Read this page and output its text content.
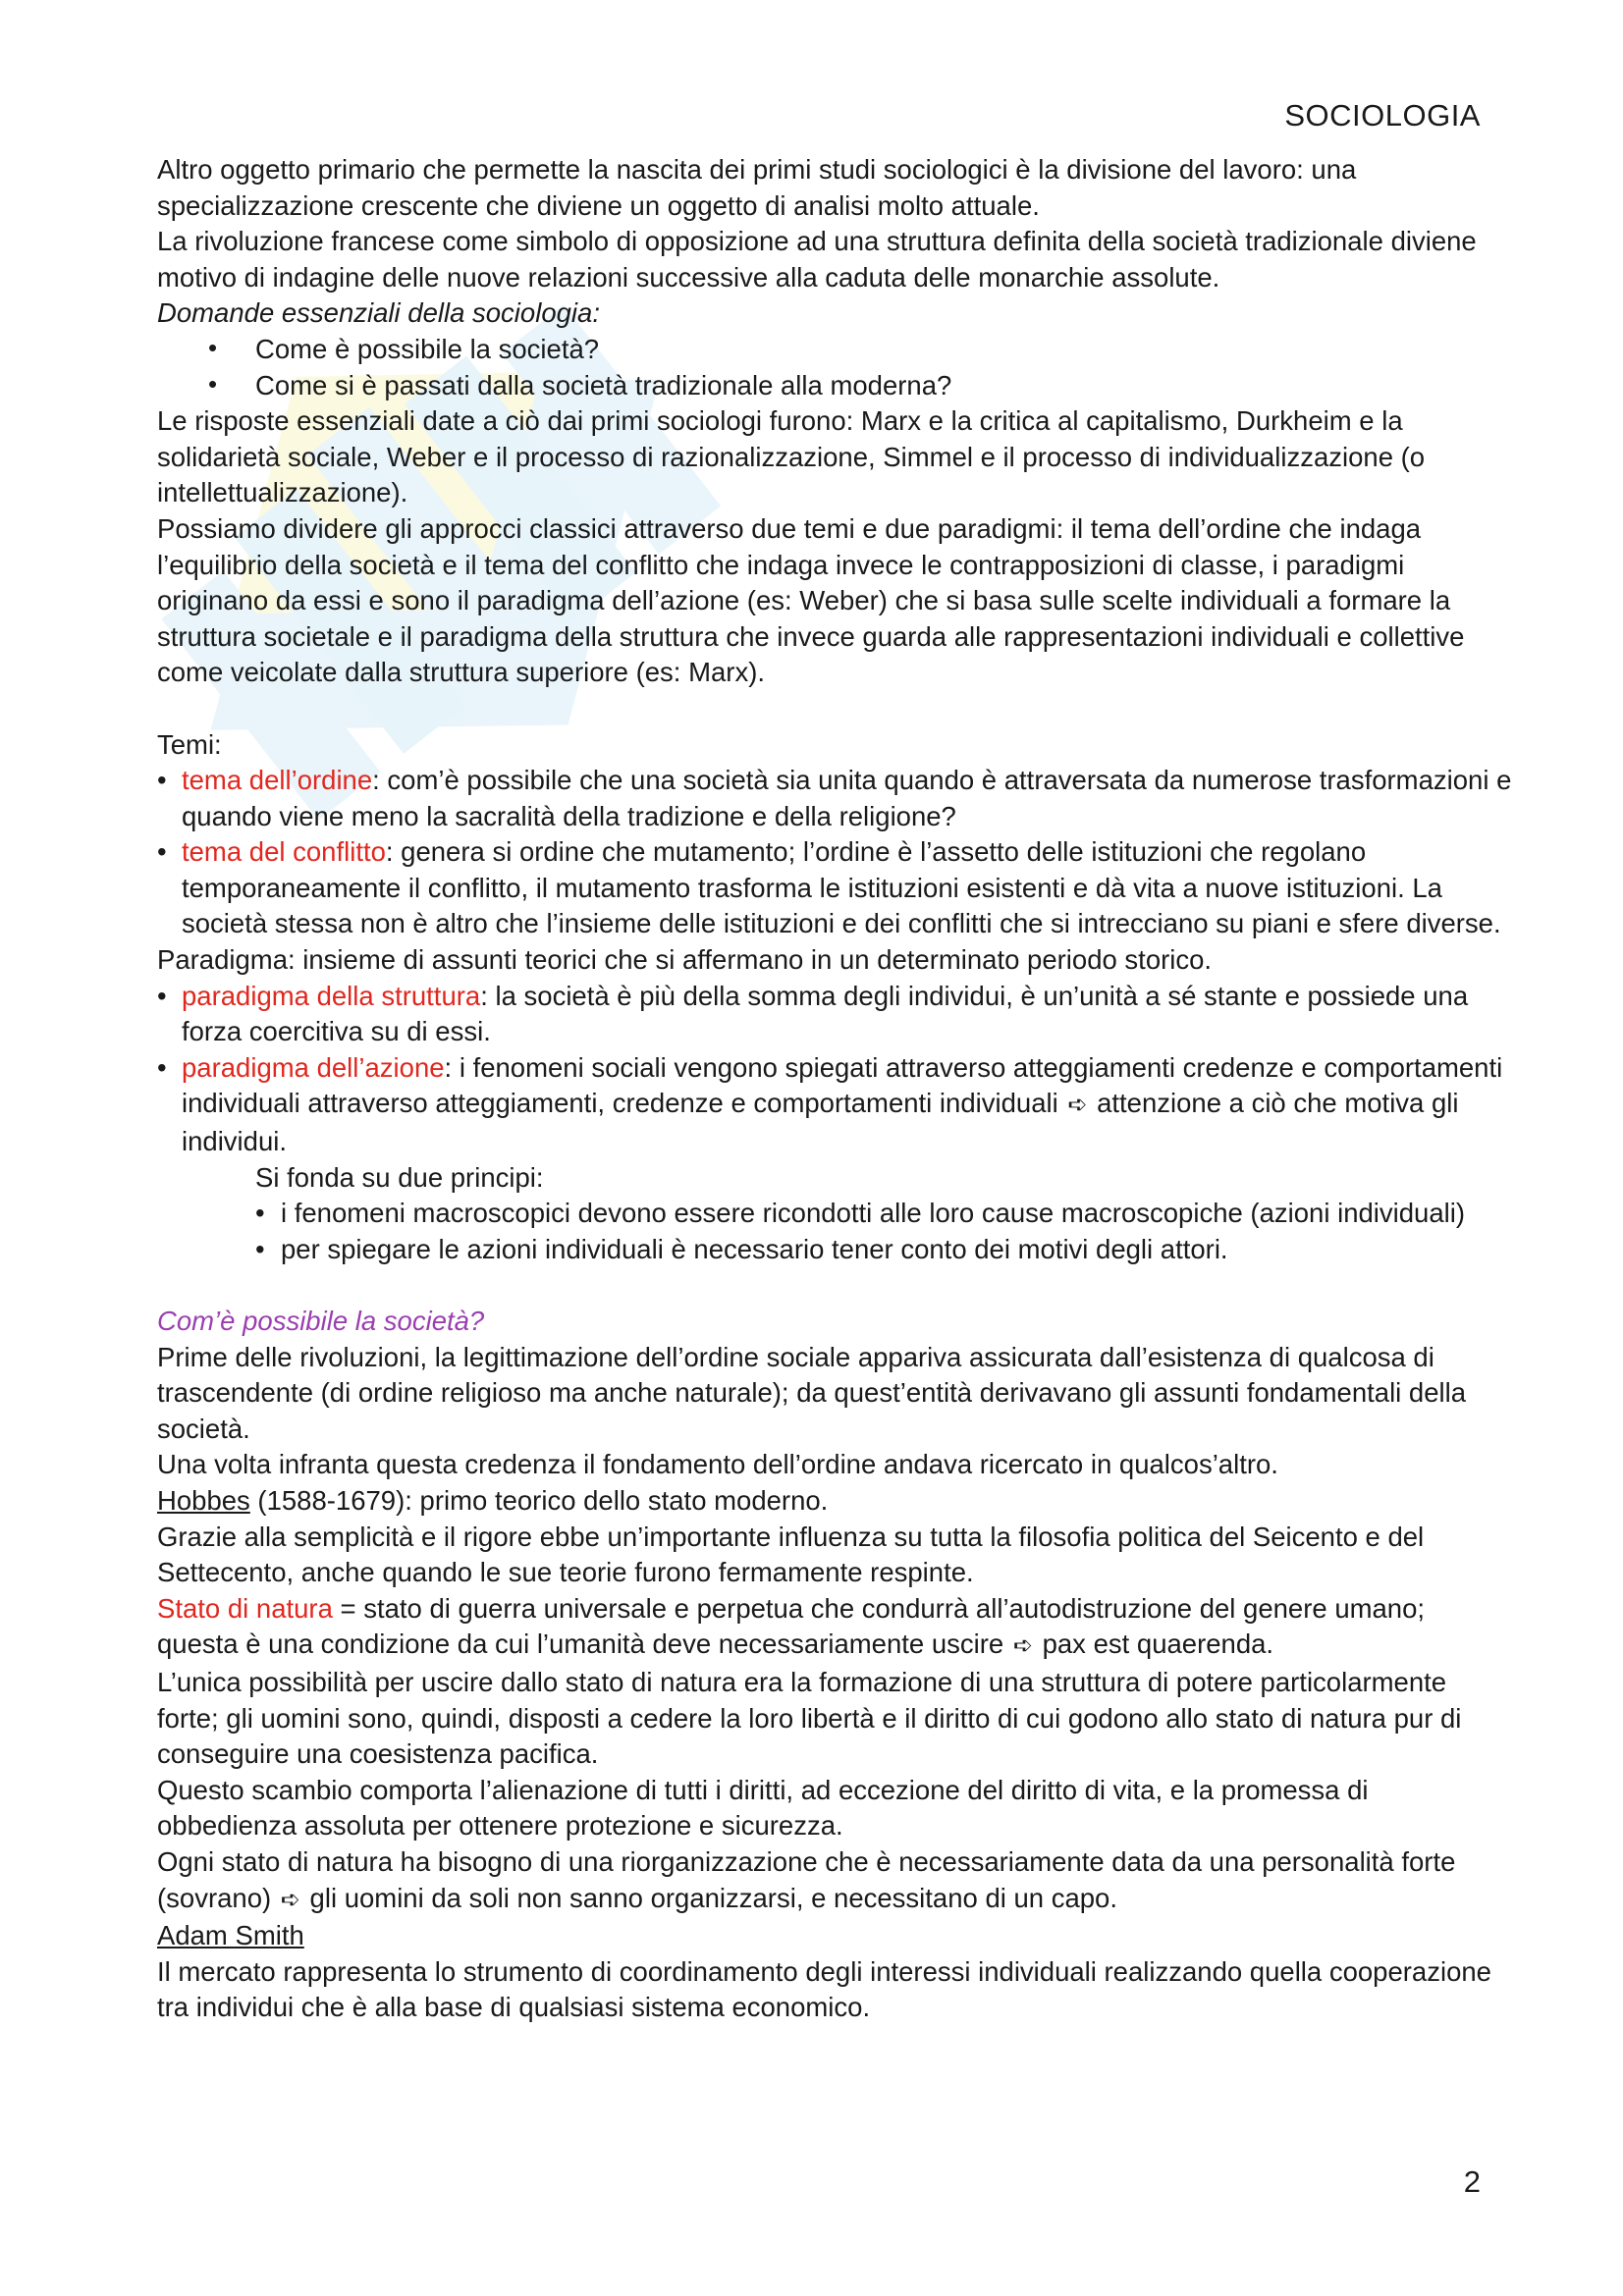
SOCIOLOGIA

Altro oggetto primario che permette la nascita dei primi studi sociologici è la divisione del lavoro: una specializzazione crescente che diviene un oggetto di analisi molto attuale.

La rivoluzione francese come simbolo di opposizione ad una struttura definita della società tradizionale diviene motivo di indagine delle nuove relazioni successive alla caduta delle monarchie assolute.

Domande essenziali della sociologia:

• Come è possibile la società?
• Come si è passati dalla società tradizionale alla moderna?

Le risposte essenziali date a ciò dai primi sociologi furono: Marx e la critica al capitalismo, Durkheim e la solidarietà sociale, Weber e il processo di razionalizzazione, Simmel e il processo di individualizzazione (o intellettualizzazione).

Possiamo dividere gli approcci classici attraverso due temi e due paradigmi: il tema dell’ordine che indaga l’equilibrio della società e il tema del conflitto che indaga invece le contrapposizioni di classe, i paradigmi originano da essi e sono il paradigma dell’azione (es: Weber) che si basa sulle scelte individuali a formare la struttura societale e il paradigma della struttura che invece guarda alle rappresentazioni individuali e collettive come veicolate dalla struttura superiore (es: Marx).

Temi:

• tema dell’ordine: com’è possibile che una società sia unita quando è attraversata da numerose trasformazioni e quando viene meno la sacralità della tradizione e della religione?
• tema del conflitto: genera si ordine che mutamento; l’ordine è l’assetto delle istituzioni che regolano temporaneamente il conflitto, il mutamento trasforma le istituzioni esistenti e dà vita a nuove istituzioni. La società stessa non è altro che l’insieme delle istituzioni e dei conflitti che si intrecciano su piani e sfere diverse.

Paradigma: insieme di assunti teorici che si affermano in un determinato periodo storico.

• paradigma della struttura: la società è più della somma degli individui, è un’unità a sé stante e possiede una forza coercitiva su di essi.
• paradigma dell’azione: i fenomeni sociali vengono spiegati attraverso atteggiamenti credenze e comportamenti individuali attraverso atteggiamenti, credenze e comportamenti individuali ➪ attenzione a ciò che motiva gli individui.

Si fonda su due principi:

• i fenomeni macroscopici devono essere ricondotti alle loro cause macroscopiche (azioni individuali)
• per spiegare le azioni individuali è necessario tener conto dei motivi degli attori.

Com’è possibile la società?

Prime delle rivoluzioni, la legittimazione dell’ordine sociale appariva assicurata dall’esistenza di qualcosa di trascendente (di ordine religioso ma anche naturale); da quest’entità derivavano gli assunti fondamentali della società.

Una volta infranta questa credenza il fondamento dell’ordine andava ricercato in qualcos’altro.

Hobbes (1588-1679): primo teorico dello stato moderno.

Grazie alla semplicità e il rigore ebbe un’importante influenza su tutta la filosofia politica del Seicento e del Settecento, anche quando le sue teorie furono fermamente respinte.

Stato di natura = stato di guerra universale e perpetua che condurrà all’autodistruzione del genere umano; questa è una condizione da cui l’umanità deve necessariamente uscire ➪ pax est quaerenda.

L’unica possibilità per uscire dallo stato di natura era la formazione di una struttura di potere particolarmente forte; gli uomini sono, quindi, disposti a cedere la loro libertà e il diritto di cui godono allo stato di natura pur di conseguire una coesistenza pacifica.

Questo scambio comporta l’alienazione di tutti i diritti, ad eccezione del diritto di vita, e la promessa di obbedienza assoluta per ottenere protezione e sicurezza.

Ogni stato di natura ha bisogno di una riorganizzazione che è necessariamente data da una personalità forte (sovrano) ➪ gli uomini da soli non sanno organizzarsi, e necessitano di un capo.

Adam Smith

Il mercato rappresenta lo strumento di coordinamento degli interessi individuali realizzando quella cooperazione tra individui che è alla base di qualsiasi sistema economico.

2
